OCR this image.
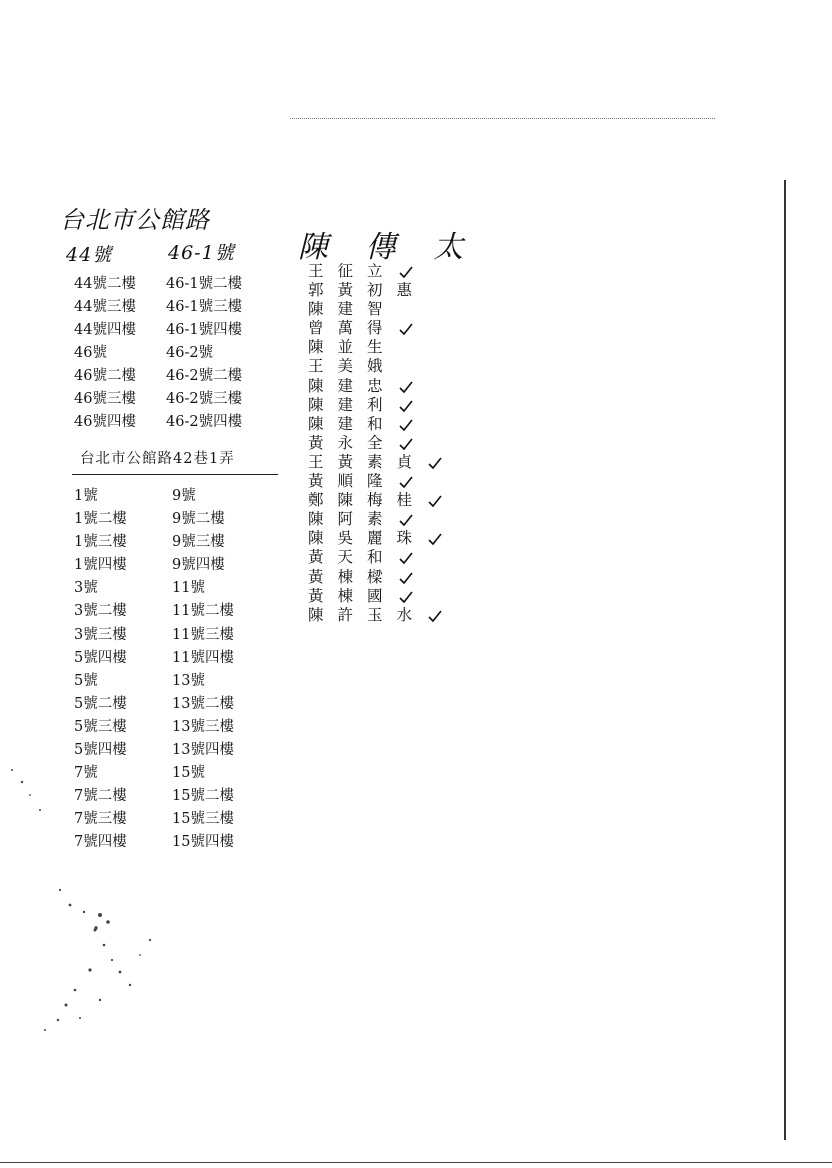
台北市公館路
44號	46-1號
44號二樓
44號三樓
44號四樓
46號
46號二樓
46號三樓
46號四樓
46-1號二樓
46-1號三樓
46-1號四樓
46-2號
46-2號二樓
46-2號三樓
46-2號四樓
台北市公館路42巷1弄
1號
1號二樓
1號三樓
1號四樓
3號
3號二樓
3號三樓
5號四樓
5號
5號二樓
5號三樓
5號四樓
7號
7號二樓
7號三樓
7號四樓
9號
9號二樓
9號三樓
9號四樓
11號
11號二樓
11號三樓
11號四樓
13號
13號二樓
13號三樓
13號四樓
15號
15號二樓
15號三樓
15號四樓
陳 傳 太
王征立
郭黃初惠
陳建智
曾萬得
陳並生
王美娥
陳建忠
陳建利
陳建和
黃永全
王黃素貞
黃順隆
鄭陳梅桂
陳阿素
陳吳麗珠
黃天和
黃棟樑
黃棟國
陳許玉水
